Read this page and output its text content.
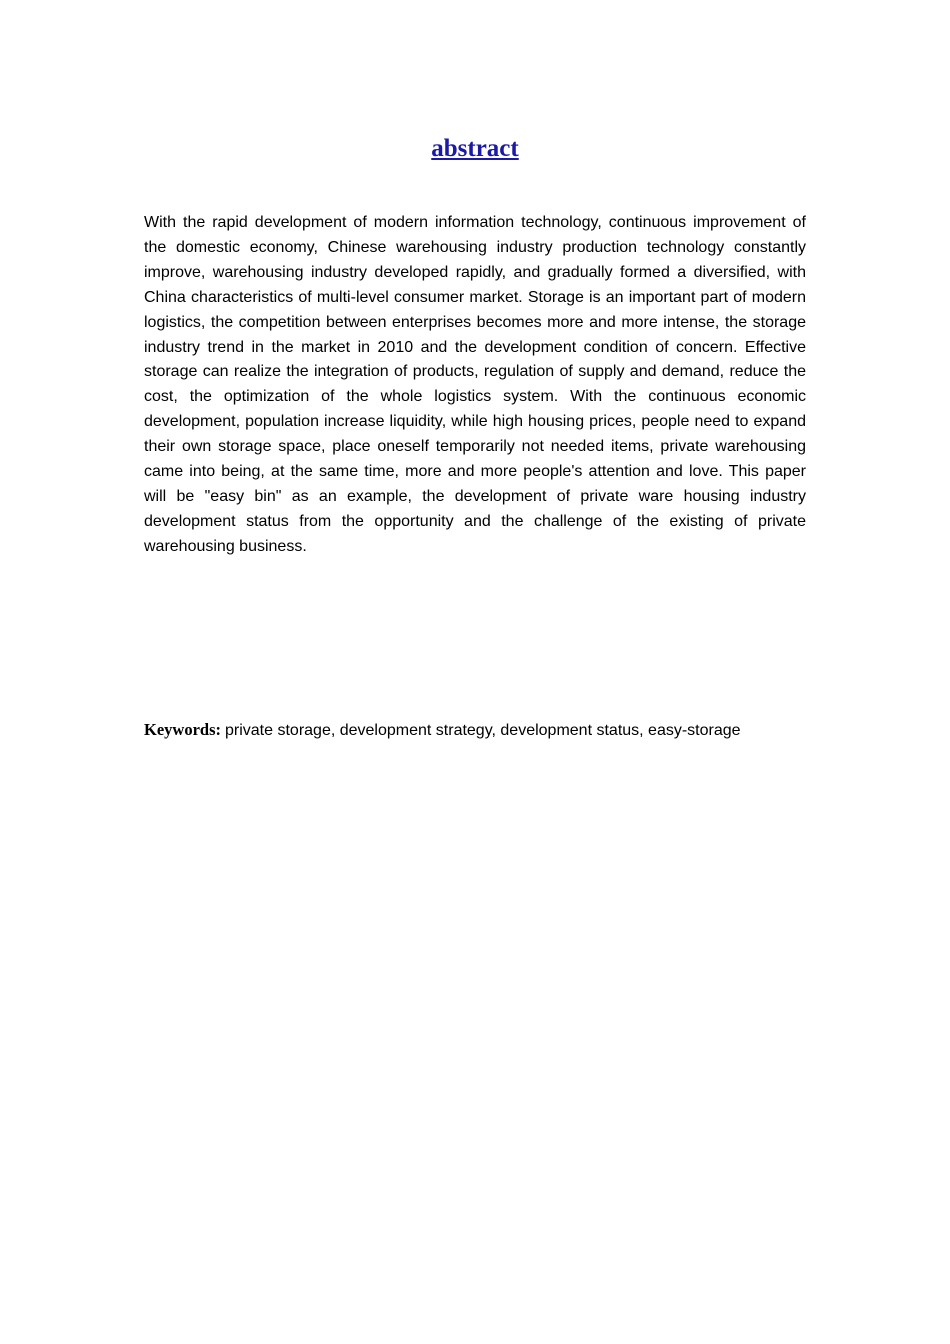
abstract

With the rapid development of modern information technology, continuous improvement of the domestic economy, Chinese warehousing industry production technology constantly improve, warehousing industry developed rapidly, and gradually formed a diversified, with China characteristics of multi-level consumer market. Storage is an important part of modern logistics, the competition between enterprises becomes more and more intense, the storage industry trend in the market in 2010 and the development condition of concern. Effective storage can realize the integration of products, regulation of supply and demand, reduce the cost, the optimization of the whole logistics system. With the continuous economic development, population increase liquidity, while high housing prices, people need to expand their own storage space, place oneself temporarily not needed items, private warehousing came into being, at the same time, more and more people's attention and love. This paper will be "easy bin" as an example, the development of private ware housing industry development status from the opportunity and the challenge of the existing of private warehousing business.

Keywords: private storage, development strategy, development status, easy-storage
